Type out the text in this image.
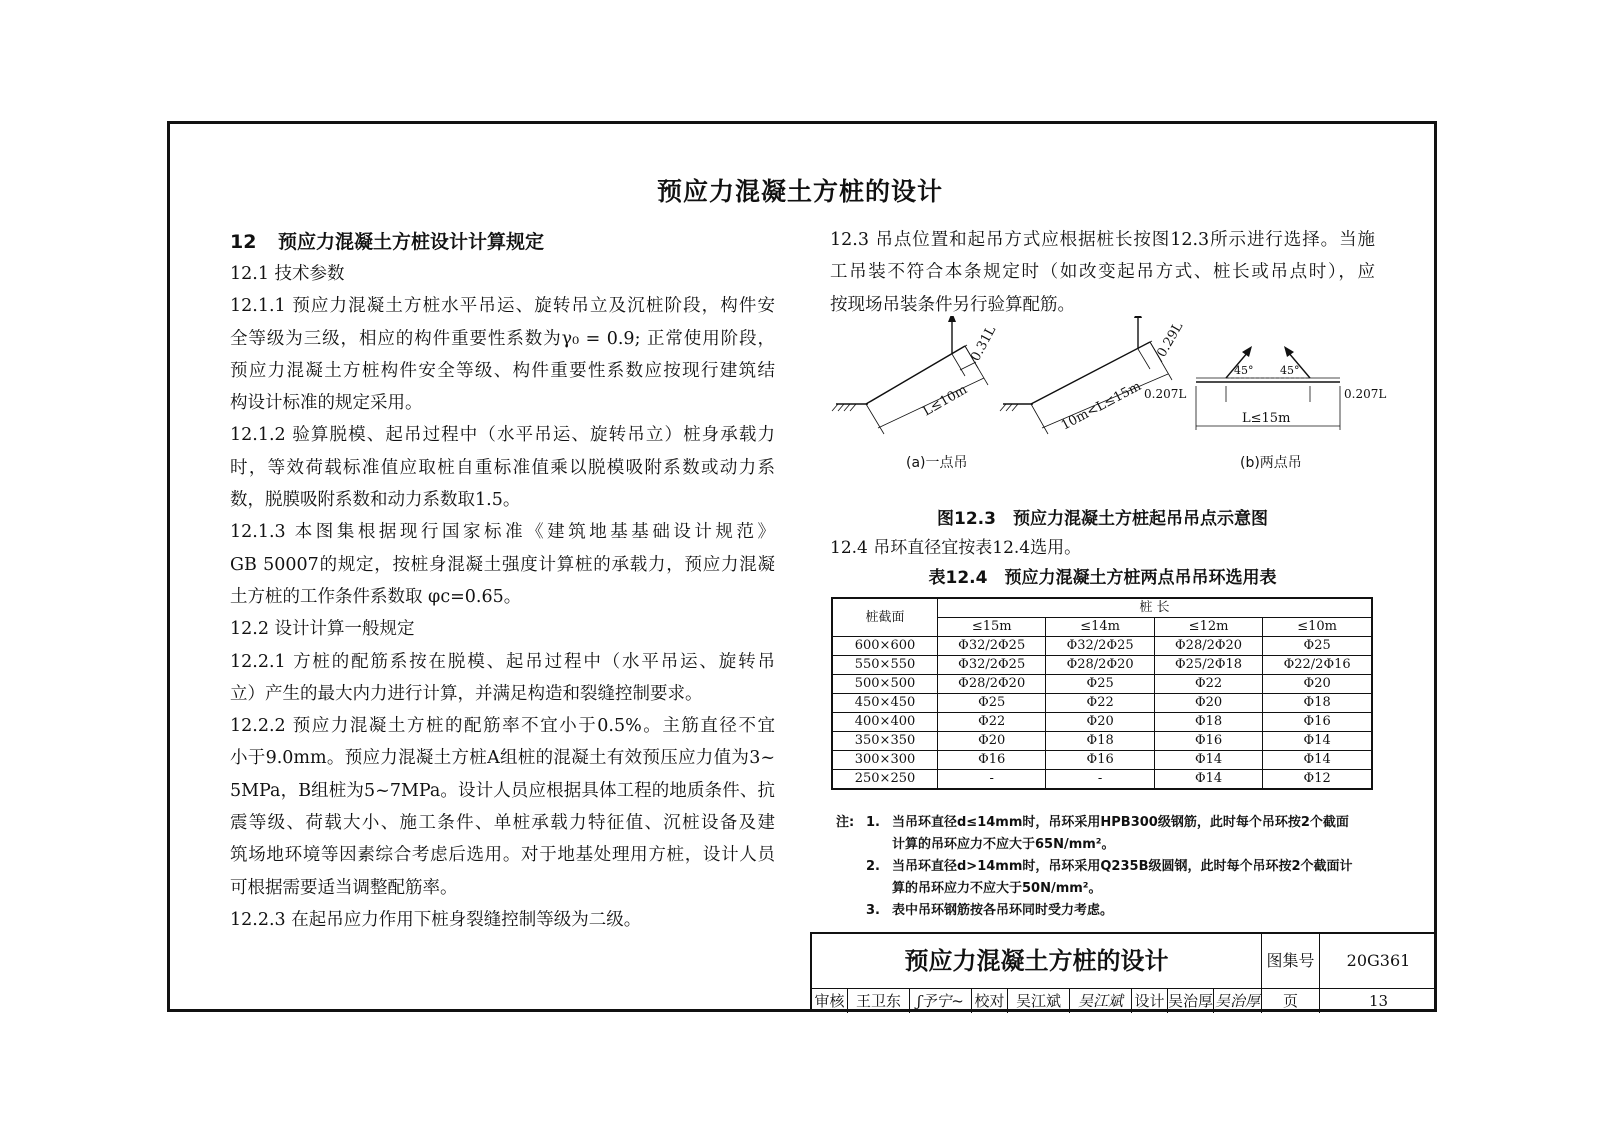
预应力混凝土方桩的设计
12	预应力混凝土方桩设计计算规定
12.1 技术参数
12.1.1 预应力混凝土方桩水平吊运、旋转吊立及沉桩阶段，构件安
全等级为三级，相应的构件重要性系数为γ₀ = 0.9; 正常使用阶段，
预应力混凝土方桩构件安全等级、构件重要性系数应按现行建筑结
构设计标准的规定采用。
12.1.2 验算脱模、起吊过程中（水平吊运、旋转吊立）桩身承载力
时，等效荷载标准值应取桩自重标准值乘以脱模吸附系数或动力系
数，脱膜吸附系数和动力系数取1.5。
12.1.3 本图集根据现行国家标准《建筑地基基础设计规范》
GB 50007的规定，按桩身混凝土强度计算桩的承载力，预应力混凝
土方桩的工作条件系数取 φc=0.65。
12.2 设计计算一般规定
12.2.1 方桩的配筋系按在脱模、起吊过程中（水平吊运、旋转吊
立）产生的最大内力进行计算，并满足构造和裂缝控制要求。
12.2.2 预应力混凝土方桩的配筋率不宜小于0.5%。主筋直径不宜
小于9.0mm。预应力混凝土方桩A组桩的混凝土有效预压应力值为3~
5MPa，B组桩为5~7MPa。设计人员应根据具体工程的地质条件、抗
震等级、荷载大小、施工条件、单桩承载力特征值、沉桩设备及建
筑场地环境等因素综合考虑后选用。对于地基处理用方桩，设计人员
可根据需要适当调整配筋率。
12.2.3 在起吊应力作用下桩身裂缝控制等级为二级。
12.3 吊点位置和起吊方式应根据桩长按图12.3所示进行选择。当施
工吊装不符合本条规定时（如改变起吊方式、桩长或吊点时），应
按现场吊装条件另行验算配筋。
L≤10m
0.31L
10m<L≤15m
0.29L
0.207L	0.207L
L≤15m
45° 45°
(a)一点吊	(b)两点吊
图12.3　预应力混凝土方桩起吊吊点示意图
12.4 吊环直径宜按表12.4选用。
表12.4　预应力混凝土方桩两点吊吊环选用表
桩截面	桩 长			
	≤15m	≤14m	≤12m	≤10m
600×600	Φ32/2Φ25	Φ32/2Φ25	Φ28/2Φ20	Φ25
550×550	Φ32/2Φ25	Φ28/2Φ20	Φ25/2Φ18	Φ22/2Φ16
500×500	Φ28/2Φ20	Φ25	Φ22	Φ20
450×450	Φ25	Φ22	Φ20	Φ18
400×400	Φ22	Φ20	Φ18	Φ16
350×350	Φ20	Φ18	Φ16	Φ14
300×300	Φ16	Φ16	Φ14	Φ14
250×250	-	-	Φ14	Φ12
注: 1. 当吊环直径d≤14mm时，吊环采用HPB300级钢筋，此时每个吊环按2个截面
计算的吊环应力不应大于65N/mm²。
2. 当吊环直径d>14mm时，吊环采用Q235B级圆钢，此时每个吊环按2个截面计
算的吊环应力不应大于50N/mm²。
3. 表中吊环钢筋按各吊环同时受力考虑。
预应力混凝土方桩的设计	图集号	20G361
审核 王卫东	ʃ予宁~ 校对 吴江斌	吴江斌 设计 吴治厚 吴治厚	页	13
